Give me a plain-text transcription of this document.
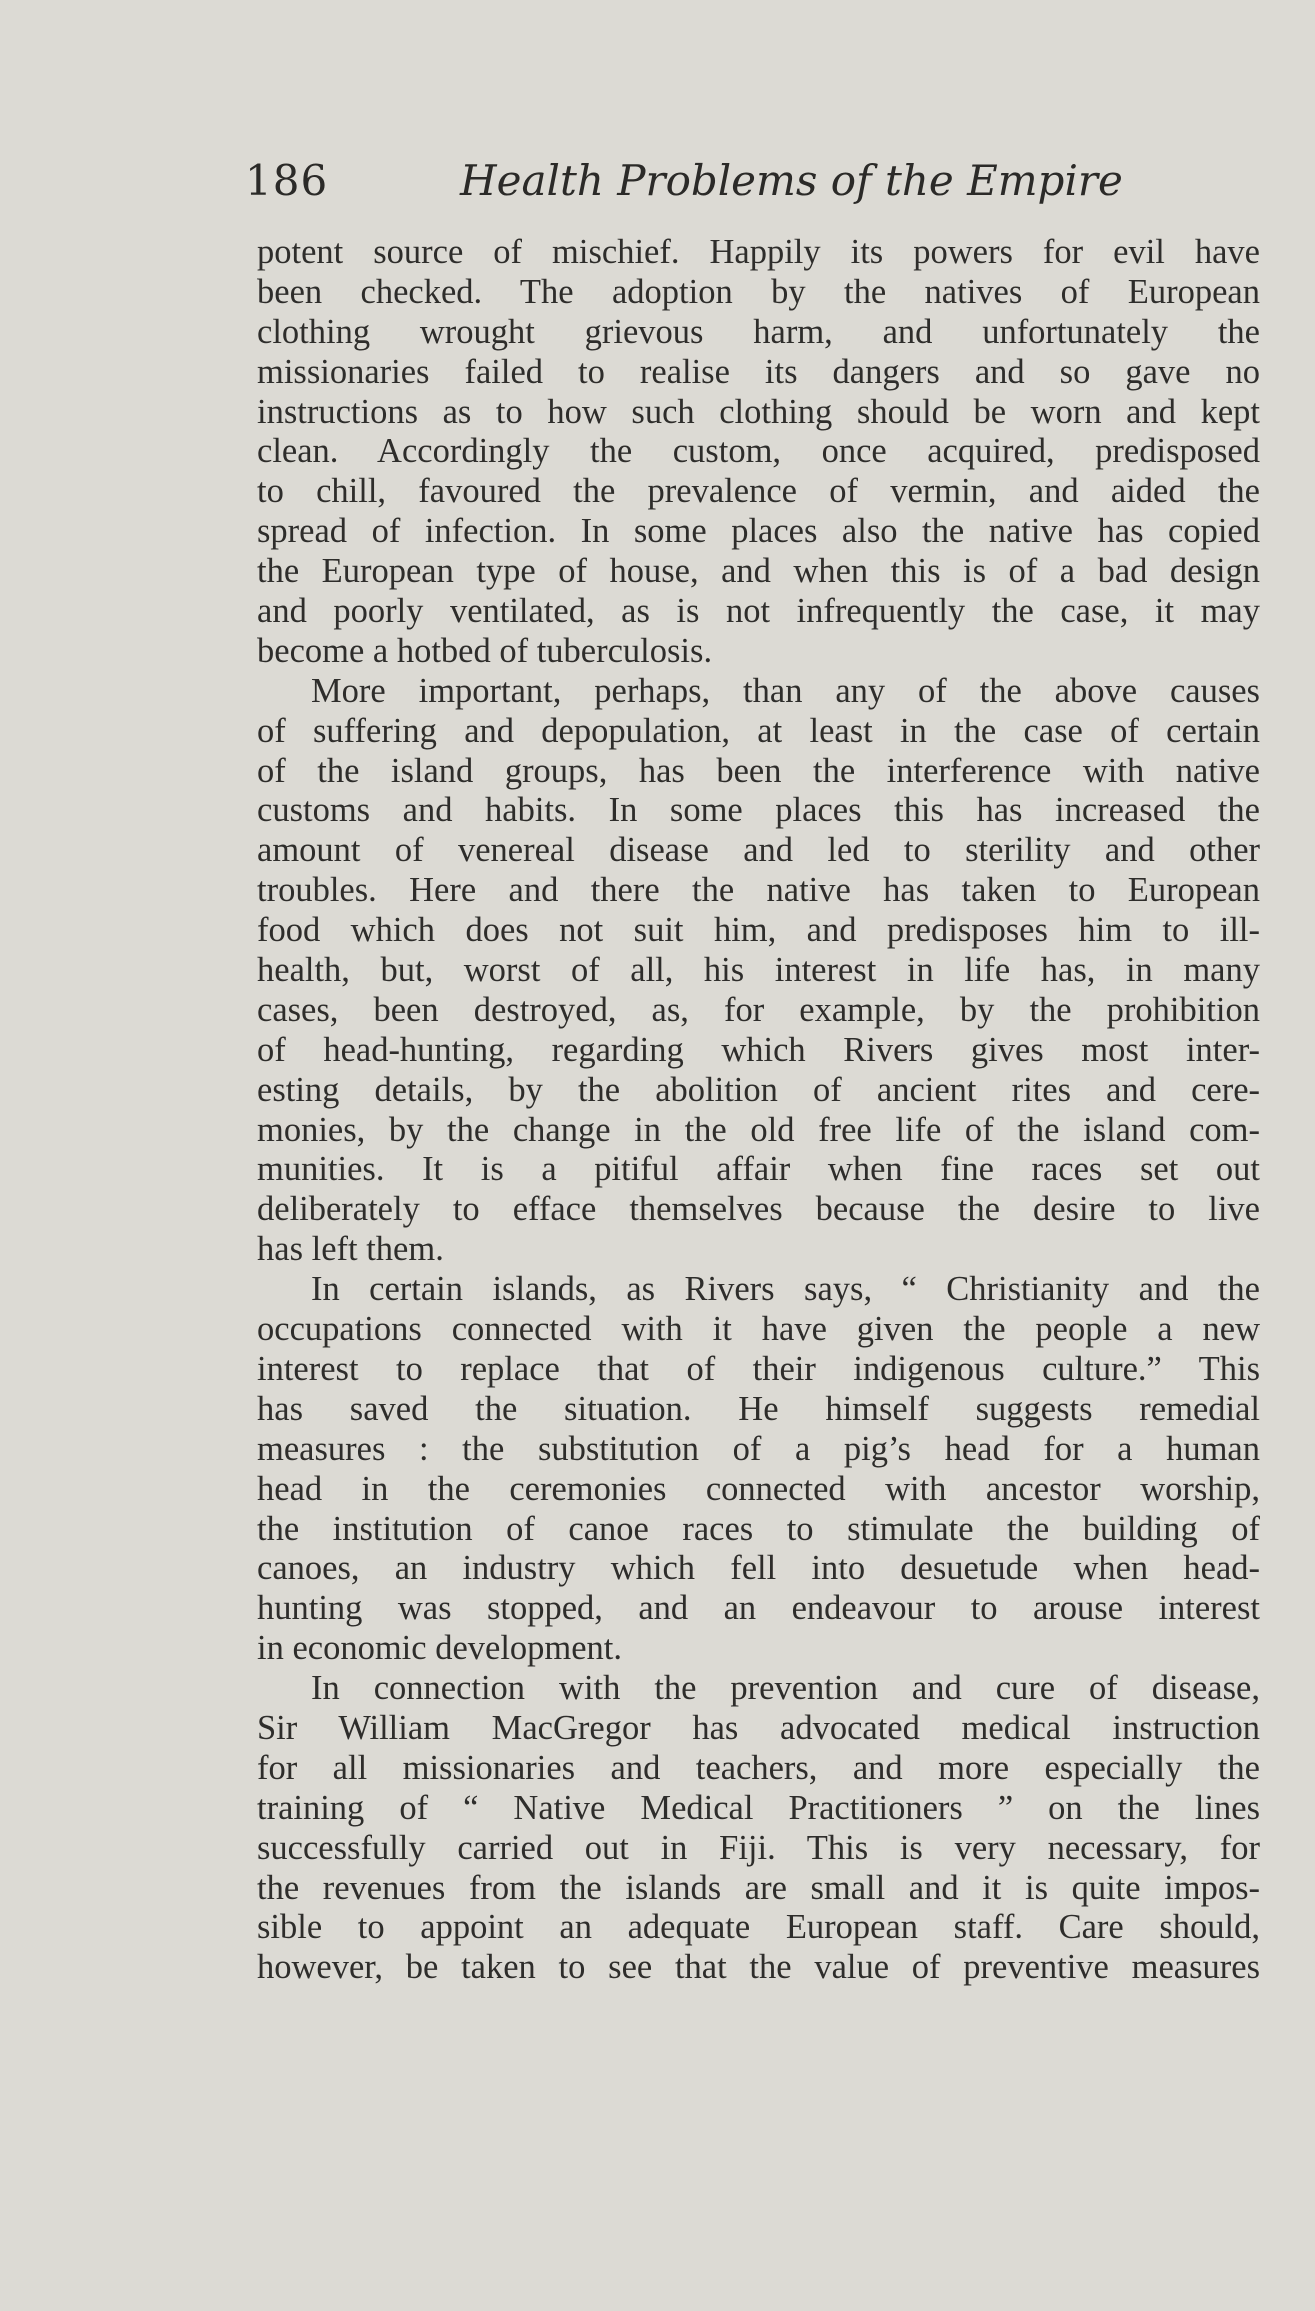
186	Health Problems of the Empire
potent source of mischief. Happily its powers for evil have
been checked. The adoption by the natives of European
clothing wrought grievous harm, and unfortunately the
missionaries failed to realise its dangers and so gave no
instructions as to how such clothing should be worn and kept
clean. Accordingly the custom, once acquired, predisposed
to chill, favoured the prevalence of vermin, and aided the
spread of infection. In some places also the native has copied
the European type of house, and when this is of a bad design
and poorly ventilated, as is not infrequently the case, it may
become a hotbed of tuberculosis.
More important, perhaps, than any of the above causes
of suffering and depopulation, at least in the case of certain
of the island groups, has been the interference with native
customs and habits. In some places this has increased the
amount of venereal disease and led to sterility and other
troubles. Here and there the native has taken to European
food which does not suit him, and predisposes him to ill-
health, but, worst of all, his interest in life has, in many
cases, been destroyed, as, for example, by the prohibition
of head-hunting, regarding which Rivers gives most inter-
esting details, by the abolition of ancient rites and cere-
monies, by the change in the old free life of the island com-
munities. It is a pitiful affair when fine races set out
deliberately to efface themselves because the desire to live
has left them.
In certain islands, as Rivers says, “ Christianity and the
occupations connected with it have given the people a new
interest to replace that of their indigenous culture.” This
has saved the situation. He himself suggests remedial
measures : the substitution of a pig’s head for a human
head in the ceremonies connected with ancestor worship,
the institution of canoe races to stimulate the building of
canoes, an industry which fell into desuetude when head-
hunting was stopped, and an endeavour to arouse interest
in economic development.
In connection with the prevention and cure of disease,
Sir William MacGregor has advocated medical instruction
for all missionaries and teachers, and more especially the
training of “ Native Medical Practitioners ” on the lines
successfully carried out in Fiji. This is very necessary, for
the revenues from the islands are small and it is quite impos-
sible to appoint an adequate European staff. Care should,
however, be taken to see that the value of preventive measures
